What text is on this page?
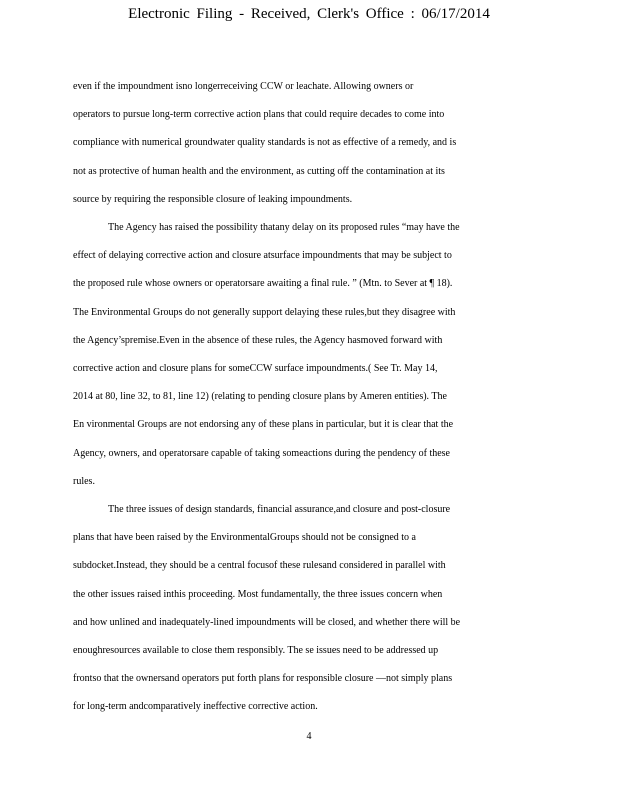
Electronic Filing - Received, Clerk's Office : 06/17/2014
even if the impoundment isno longerreceiving CCW or leachate. Allowing owners or
operators to pursue long-term corrective action plans that could require decades to come into
compliance with numerical groundwater quality standards is not as effective of a remedy, and is
not as protective of human health and the environment, as cutting off the contamination at its
source by requiring the responsible closure of leaking impoundments.
The Agency has raised the possibility thatany delay on its proposed rules “may have the
effect of delaying corrective action and closure atsurface impoundments that may be subject to
the proposed rule whose owners or operatorsare awaiting a final rule. ” (Mtn. to Sever at ¶ 18).
The Environmental Groups do not generally support delaying these rules,but they disagree with
the Agency’spremise.Even in the absence of these rules, the Agency hasmoved forward with
corrective action and closure plans for someCCW surface impoundments.( See Tr. May 14,
2014 at 80, line 32, to 81, line 12) (relating to pending closure plans by Ameren entities). The
En vironmental Groups are not endorsing any of these plans in particular, but it is clear that the
Agency, owners, and operatorsare capable of taking someactions during the pendency of these
rules.
The three issues of design standards, financial assurance,and closure and post-closure
plans that have been raised by the EnvironmentalGroups should not be consigned to a
subdocket.Instead, they should be a central focusof these rulesand considered in parallel with
the other issues raised inthis proceeding. Most fundamentally, the three issues concern when
and how unlined and inadequately-lined impoundments will be closed, and whether there will be
enoughresources available to close them responsibly. The se issues need to be addressed up
frontso that the ownersand operators put forth plans for responsible closure —not simply plans
for long-term andcomparatively ineffective corrective action.
4
